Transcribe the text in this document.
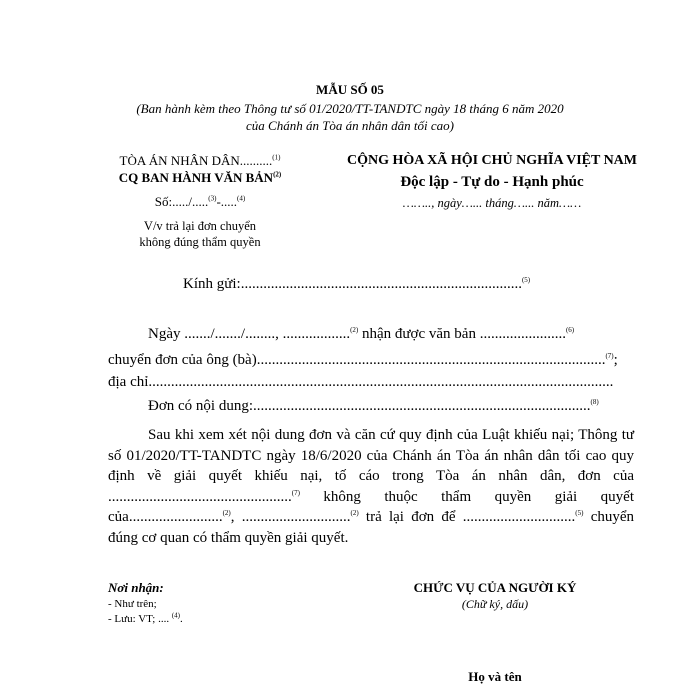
MẪU SỐ 05
(Ban hành kèm theo Thông tư số 01/2020/TT-TANDTC ngày 18 tháng 6 năm 2020
của Chánh án Tòa án nhân dân tối cao)
TÒA ÁN NHÂN DÂN..........$^{(1)}$
CQ BAN HÀNH VĂN BẢN$^{(2)}$
Số:...../.....$^{(3)}$-.....$^{(4)}$
V/v trả lại đơn chuyển
không đúng thẩm quyền
CỘNG HÒA XÃ HỘI CHỦ NGHĨA VIỆT NAM
Độc lập - Tự do - Hạnh phúc
…….., ngày…... tháng…... năm……
Kính gửi:...........................................................................$^{(5)}$
Ngày ......./......./........, ..................$^{(2)}$ nhận được văn bản .......................$^{(6)}$
chuyển đơn của ông (bà).............................................................................................$^{(7)}$;
địa chỉ............................................................................................................................
Đơn có nội dung:..........................................................................................$^{(8)}$
Sau khi xem xét nội dung đơn và căn cứ quy định của Luật khiếu nại; Thông tư số 01/2020/TT-TANDTC ngày 18/6/2020 của Chánh án Tòa án nhân dân tối cao quy định về giải quyết khiếu nại, tố cáo trong Tòa án nhân dân, đơn của .................................................$^{(7)}$ không thuộc thẩm quyền giải quyết của.........................$^{(2)}$, .............................$^{(2)}$ trả lại đơn để ..............................$^{(5)}$ chuyển đúng cơ quan có thẩm quyền giải quyết.
Nơi nhận:
- Như trên;
- Lưu: VT; .... $^{(4)}$.
CHỨC VỤ CỦA NGƯỜI KÝ
(Chữ ký, dấu)
Họ và tên
